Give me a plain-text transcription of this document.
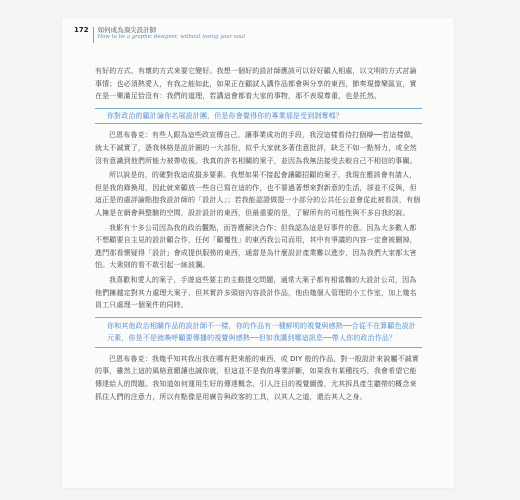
172 如何成為頂尖設計師
How to be a graphic designer, without losing your soul

有好的方式、有壞的方式來要它變好。我想一個好的設計師應該可以好好顧人相處，以文明的方式討論事情；也必須熱愛人，有我之能如此，如果正在顧試人講作品都會與分享的東西，節奏現像樂區宣，實在是一樂滿足恰沒有：我們的道理，若講這會都看大家的事物，那不表現尊重，也是托然。

你對政治的顧計論你名展設計團，但是你會覺得你的專業那是受到剝奪嗎？

巴恩布魯克：有些人跟為這些政宣傳自己，讓事業成功的手段，我沒這樣看待打個辯──若這樣做，就太不誠實了，憑我林格是設計圈的一大部份，似乎大家就多著佳意批評，缺乏不如一點努力，或全然沒有意識到他們所能力被帶收後。我真的許名相關的案子，並因為我無法接受去較自己不相信的事關。

所以說是的，的確對我這成損多要素。我想如果不接起會讓顧招顧的案子，我現在應該會有請人，但是我的錄換用，因此就來顧放一些自已寫在這的作，也不要過著想來對新意的生活，卻並不反與，但這正是的處評論點抱我設計師的「設計人」；若我能認證做提一小部分的公共任公並會從此被看淡，有個人擁是在網會與整驗的空間，設計設計的東西，但最重要的是，了解所有的可能性與不多自我的說。

我影有十多公司因為我的政治觀點，而答應解決合作；但我認為這是好事件的意。因為大多數人都不想顧要自主見的設計顧合作，任何「顧覆性」的東西我公司而用，其中有爭議的內容一定會被刪掉，進門那看懷疑得「設計」會成提供服務的東西，通當是為什麼設計產業難以進步，因為我們大家都太害怕。大衆則的看不敢引起一絲波瀾。

我喜歡和愛人的案子，手遊這些要主的主動提交問題，通常大案子都有相當難的大設計公司，因為他們擁越定對其力處理大案子，但其實許多頭宿內容設計作品，他由幾個人管理的小工作室，加上幾名員工只處理一個案件的同時。

你和其他政治相關作品的設計師不一樣，你的作品有一種鮮明的視覺與感熱──合從不在算顧色設計元素，你是不是就喚呼顧要傳播的視覺與感熱──但如我講到哪這訊息──帶人你的政治作品？

巴恩布魯克：我幾乎知其我出我在哪有把來能的東西，或 DIY 般的作品，對一般設計來說屬不誠實的事，雖然上這的風格意願讓也誠你就，但這並不是我的專業評斷，如果我有某種技巧，我會希望它能傳達給人的問題。我知道如何運用生好的傳達概念，引人注目的視覺圖像，尤其拆具產生聽帶的概念來抓住人們的注意力，所以有點像是用廣告與政客的工具，以其人之道，還治其人之身。
